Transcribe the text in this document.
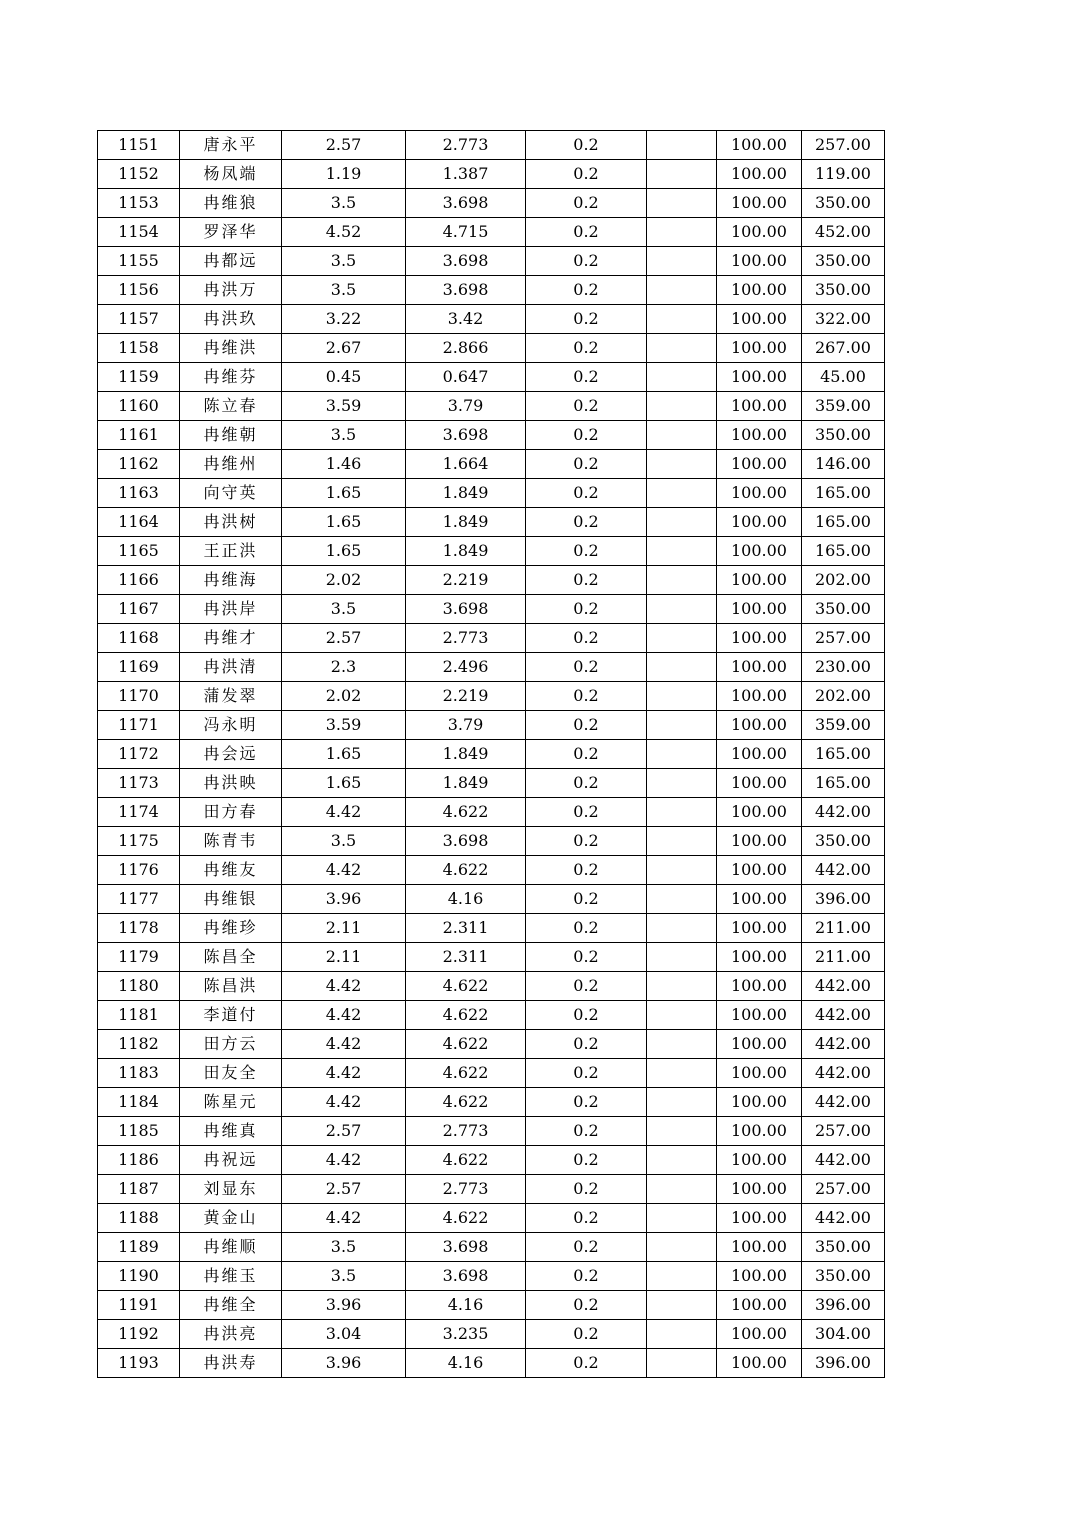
1151	唐永平	2.57	2.773	0.2		100.00	257.00
1152	杨凤端	1.19	1.387	0.2		100.00	119.00
1153	冉维狼	3.5	3.698	0.2		100.00	350.00
1154	罗泽华	4.52	4.715	0.2		100.00	452.00
1155	冉都远	3.5	3.698	0.2		100.00	350.00
1156	冉洪万	3.5	3.698	0.2		100.00	350.00
1157	冉洪玖	3.22	3.42	0.2		100.00	322.00
1158	冉维洪	2.67	2.866	0.2		100.00	267.00
1159	冉维芬	0.45	0.647	0.2		100.00	45.00
1160	陈立春	3.59	3.79	0.2		100.00	359.00
1161	冉维朝	3.5	3.698	0.2		100.00	350.00
1162	冉维州	1.46	1.664	0.2		100.00	146.00
1163	向守英	1.65	1.849	0.2		100.00	165.00
1164	冉洪树	1.65	1.849	0.2		100.00	165.00
1165	王正洪	1.65	1.849	0.2		100.00	165.00
1166	冉维海	2.02	2.219	0.2		100.00	202.00
1167	冉洪岸	3.5	3.698	0.2		100.00	350.00
1168	冉维才	2.57	2.773	0.2		100.00	257.00
1169	冉洪清	2.3	2.496	0.2		100.00	230.00
1170	蒲发翠	2.02	2.219	0.2		100.00	202.00
1171	冯永明	3.59	3.79	0.2		100.00	359.00
1172	冉会远	1.65	1.849	0.2		100.00	165.00
1173	冉洪映	1.65	1.849	0.2		100.00	165.00
1174	田方春	4.42	4.622	0.2		100.00	442.00
1175	陈青韦	3.5	3.698	0.2		100.00	350.00
1176	冉维友	4.42	4.622	0.2		100.00	442.00
1177	冉维银	3.96	4.16	0.2		100.00	396.00
1178	冉维珍	2.11	2.311	0.2		100.00	211.00
1179	陈昌全	2.11	2.311	0.2		100.00	211.00
1180	陈昌洪	4.42	4.622	0.2		100.00	442.00
1181	李道付	4.42	4.622	0.2		100.00	442.00
1182	田方云	4.42	4.622	0.2		100.00	442.00
1183	田友全	4.42	4.622	0.2		100.00	442.00
1184	陈星元	4.42	4.622	0.2		100.00	442.00
1185	冉维真	2.57	2.773	0.2		100.00	257.00
1186	冉祝远	4.42	4.622	0.2		100.00	442.00
1187	刘显东	2.57	2.773	0.2		100.00	257.00
1188	黄金山	4.42	4.622	0.2		100.00	442.00
1189	冉维顺	3.5	3.698	0.2		100.00	350.00
1190	冉维玉	3.5	3.698	0.2		100.00	350.00
1191	冉维全	3.96	4.16	0.2		100.00	396.00
1192	冉洪亮	3.04	3.235	0.2		100.00	304.00
1193	冉洪寿	3.96	4.16	0.2		100.00	396.00
